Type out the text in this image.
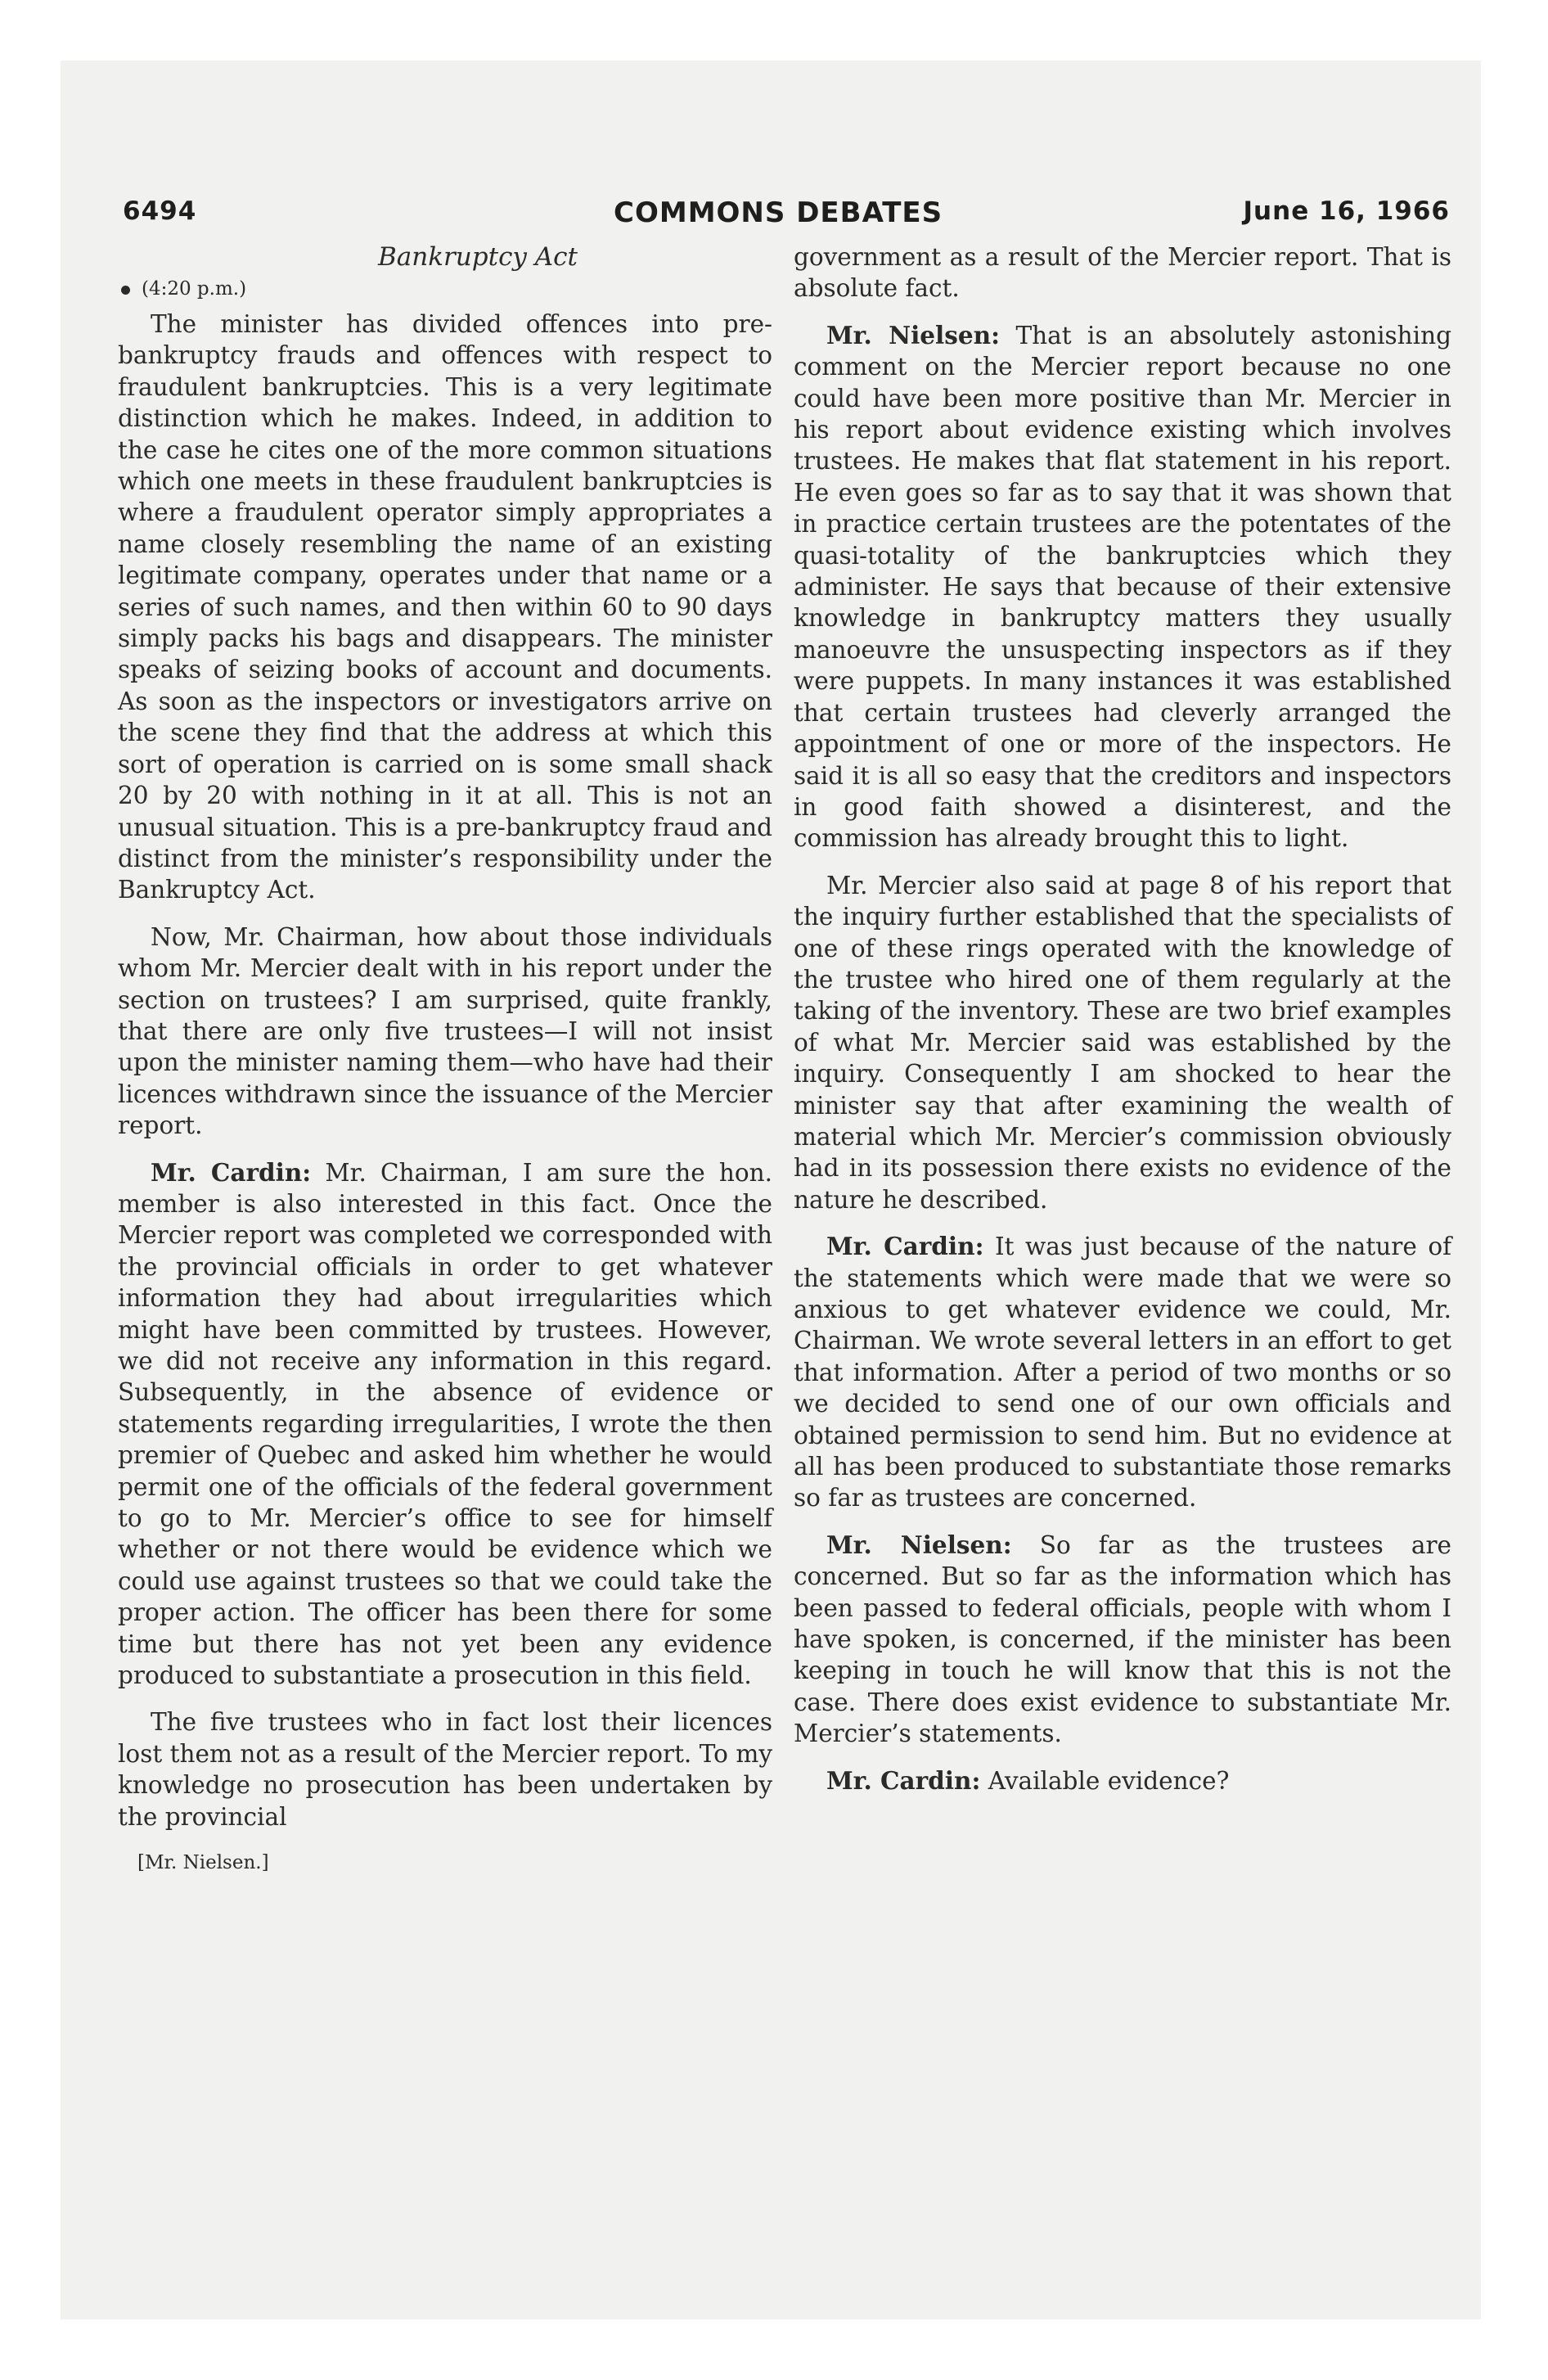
6494	COMMONS DEBATES	June 16, 1966
Bankruptcy Act
(4:20 p.m.)

The minister has divided offences into pre-bankruptcy frauds and offences with respect to fraudulent bankruptcies. This is a very legitimate distinction which he makes. Indeed, in addition to the case he cites one of the more common situations which one meets in these fraudulent bankruptcies is where a fraudulent operator simply appropriates a name closely resembling the name of an existing legitimate company, operates under that name or a series of such names, and then within 60 to 90 days simply packs his bags and disappears. The minister speaks of seizing books of account and documents. As soon as the inspectors or investigators arrive on the scene they find that the address at which this sort of operation is carried on is some small shack 20 by 20 with nothing in it at all. This is not an unusual situation. This is a pre-bankruptcy fraud and distinct from the minister’s responsibility under the Bankruptcy Act.

Now, Mr. Chairman, how about those individuals whom Mr. Mercier dealt with in his report under the section on trustees? I am surprised, quite frankly, that there are only five trustees—I will not insist upon the minister naming them—who have had their licences withdrawn since the issuance of the Mercier report.

Mr. Cardin: Mr. Chairman, I am sure the hon. member is also interested in this fact. Once the Mercier report was completed we corresponded with the provincial officials in order to get whatever information they had about irregularities which might have been committed by trustees. However, we did not receive any information in this regard. Subsequently, in the absence of evidence or statements regarding irregularities, I wrote the then premier of Quebec and asked him whether he would permit one of the officials of the federal government to go to Mr. Mercier’s office to see for himself whether or not there would be evidence which we could use against trustees so that we could take the proper action. The officer has been there for some time but there has not yet been any evidence produced to substantiate a prosecution in this field.

The five trustees who in fact lost their licences lost them not as a result of the Mercier report. To my knowledge no prosecution has been undertaken by the provincial

[Mr. Nielsen.]

government as a result of the Mercier report. That is absolute fact.

Mr. Nielsen: That is an absolutely astonishing comment on the Mercier report because no one could have been more positive than Mr. Mercier in his report about evidence existing which involves trustees. He makes that flat statement in his report. He even goes so far as to say that it was shown that in practice certain trustees are the potentates of the quasi-totality of the bankruptcies which they administer. He says that because of their extensive knowledge in bankruptcy matters they usually manoeuvre the unsuspecting inspectors as if they were puppets. In many instances it was established that certain trustees had cleverly arranged the appointment of one or more of the inspectors. He said it is all so easy that the creditors and inspectors in good faith showed a disinterest, and the commission has already brought this to light.

Mr. Mercier also said at page 8 of his report that the inquiry further established that the specialists of one of these rings operated with the knowledge of the trustee who hired one of them regularly at the taking of the inventory. These are two brief examples of what Mr. Mercier said was established by the inquiry. Consequently I am shocked to hear the minister say that after examining the wealth of material which Mr. Mercier’s commission obviously had in its possession there exists no evidence of the nature he described.

Mr. Cardin: It was just because of the nature of the statements which were made that we were so anxious to get whatever evidence we could, Mr. Chairman. We wrote several letters in an effort to get that information. After a period of two months or so we decided to send one of our own officials and obtained permission to send him. But no evidence at all has been produced to substantiate those remarks so far as trustees are concerned.

Mr. Nielsen: So far as the trustees are concerned. But so far as the information which has been passed to federal officials, people with whom I have spoken, is concerned, if the minister has been keeping in touch he will know that this is not the case. There does exist evidence to substantiate Mr. Mercier’s statements.

Mr. Cardin: Available evidence?
